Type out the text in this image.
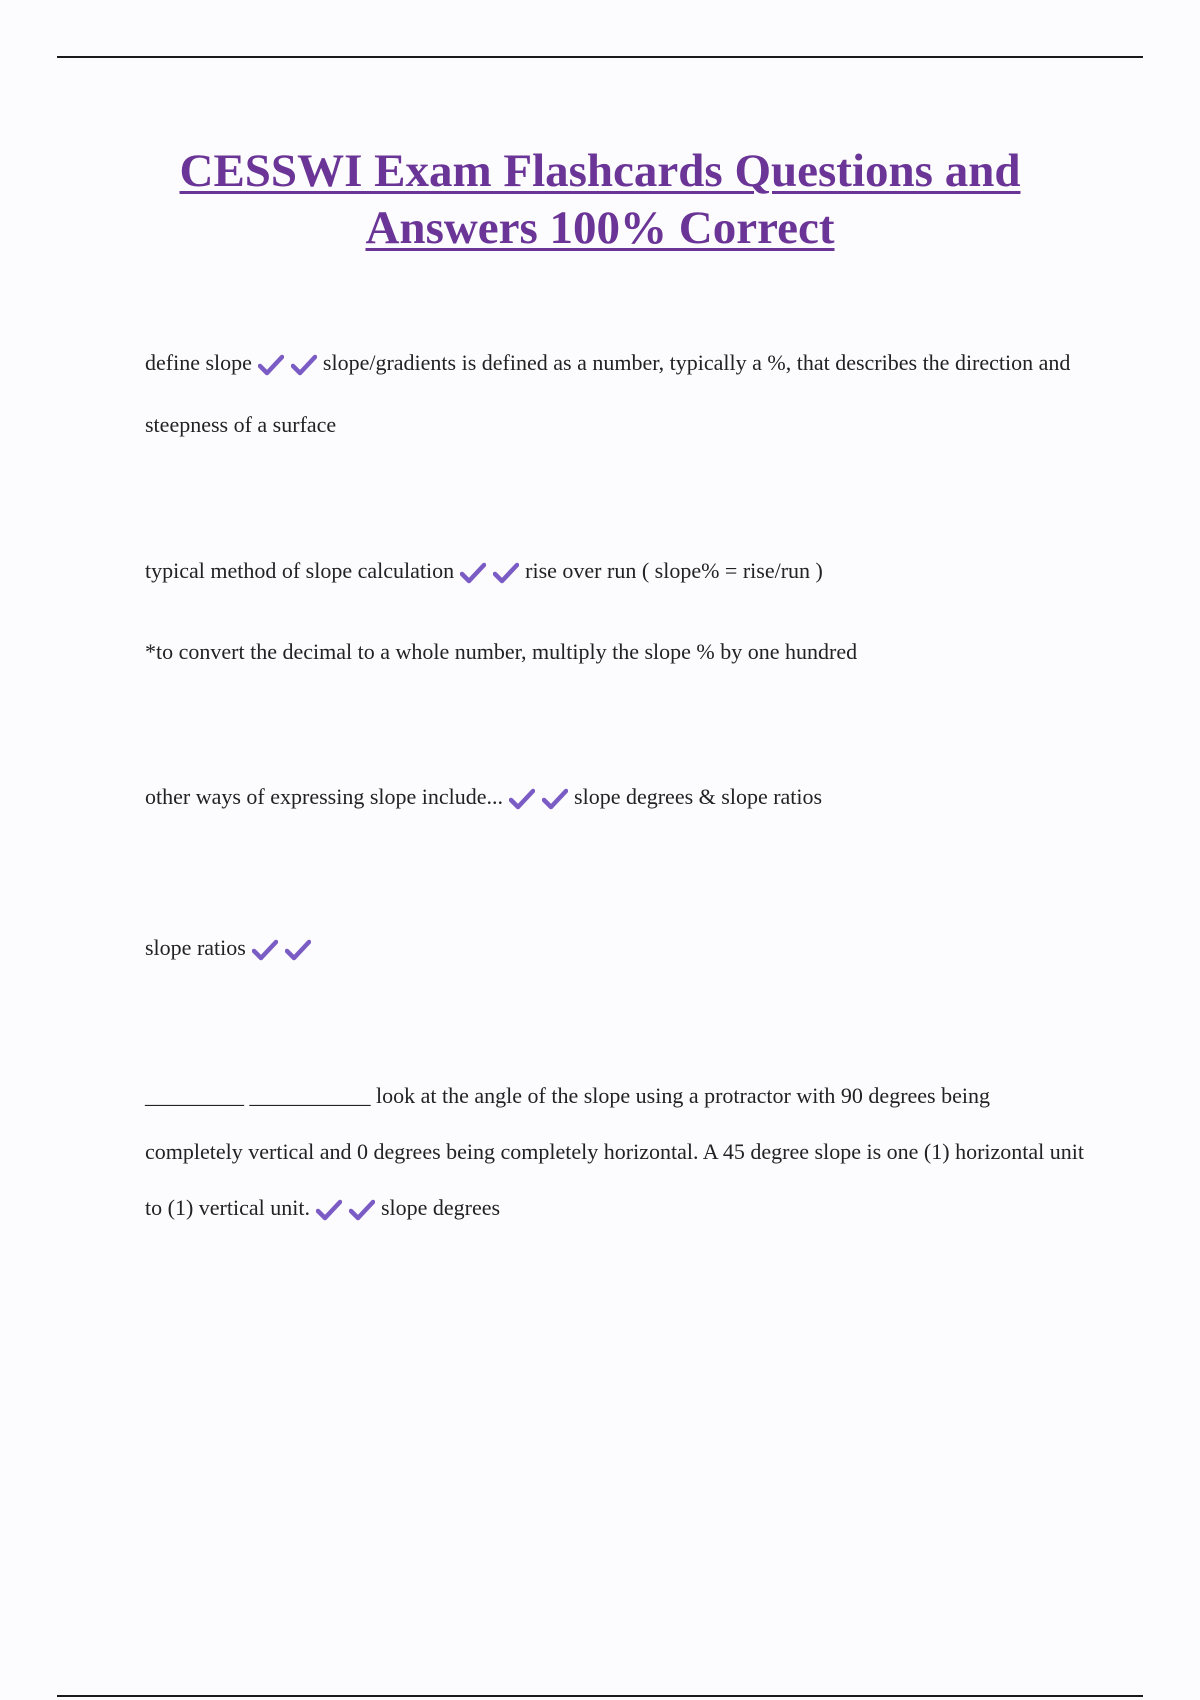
CESSWI Exam Flashcards Questions and
Answers 100% Correct

define slope	slope/gradients is defined as a number, typically a %, that describes the direction and steepness of a surface

typical method of slope calculation	rise over run ( slope% = rise/run )

*to convert the decimal to a whole number, multiply the slope % by one hundred

other ways of expressing slope include...	slope degrees & slope ratios

slope ratios

_________ ___________ look at the angle of the slope using a protractor with 90 degrees being completely vertical and 0 degrees being completely horizontal. A 45 degree slope is one (1) horizontal unit to (1) vertical unit.	slope degrees
